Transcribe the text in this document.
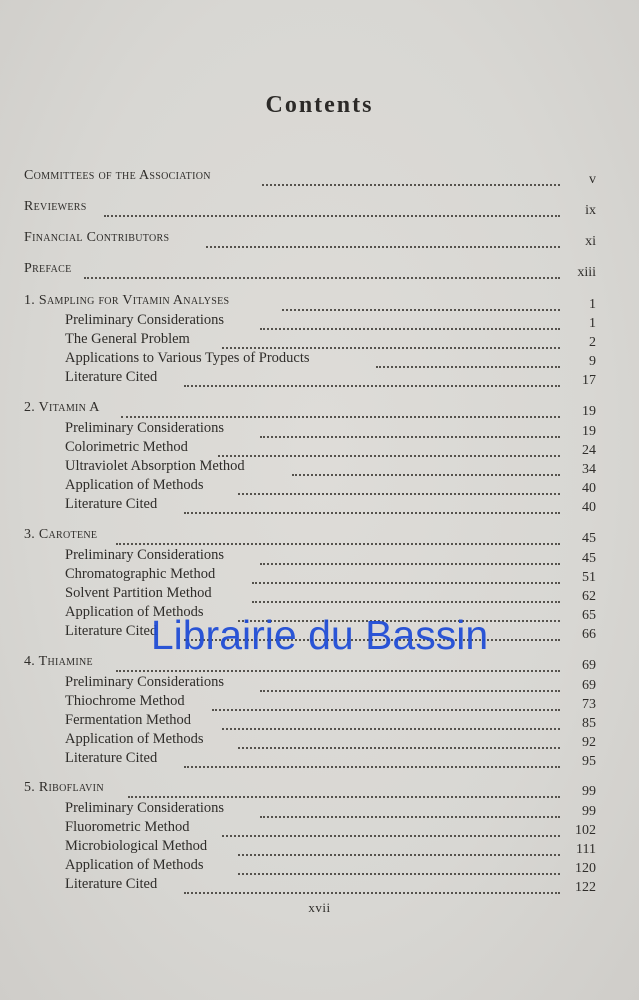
Contents
Committees of the Association	v
Reviewers	ix
Financial Contributors	xi
Preface	xiii
1. Sampling for Vitamin Analyses	1
Preliminary Considerations	1
The General Problem	2
Applications to Various Types of Products	9
Literature Cited	17
2. Vitamin A	19
Preliminary Considerations	19
Colorimetric Method	24
Ultraviolet Absorption Method	34
Application of Methods	40
Literature Cited	40
3. Carotene	45
Preliminary Considerations	45
Chromatographic Method	51
Solvent Partition Method	62
Application of Methods	65
Literature Cited	66
4. Thiamine	69
Preliminary Considerations	69
Thiochrome Method	73
Fermentation Method	85
Application of Methods	92
Literature Cited	95
5. Riboflavin	99
Preliminary Considerations	99
Fluorometric Method	102
Microbiological Method	111
Application of Methods	120
Literature Cited	122
xvii
Librairie du Bassin
